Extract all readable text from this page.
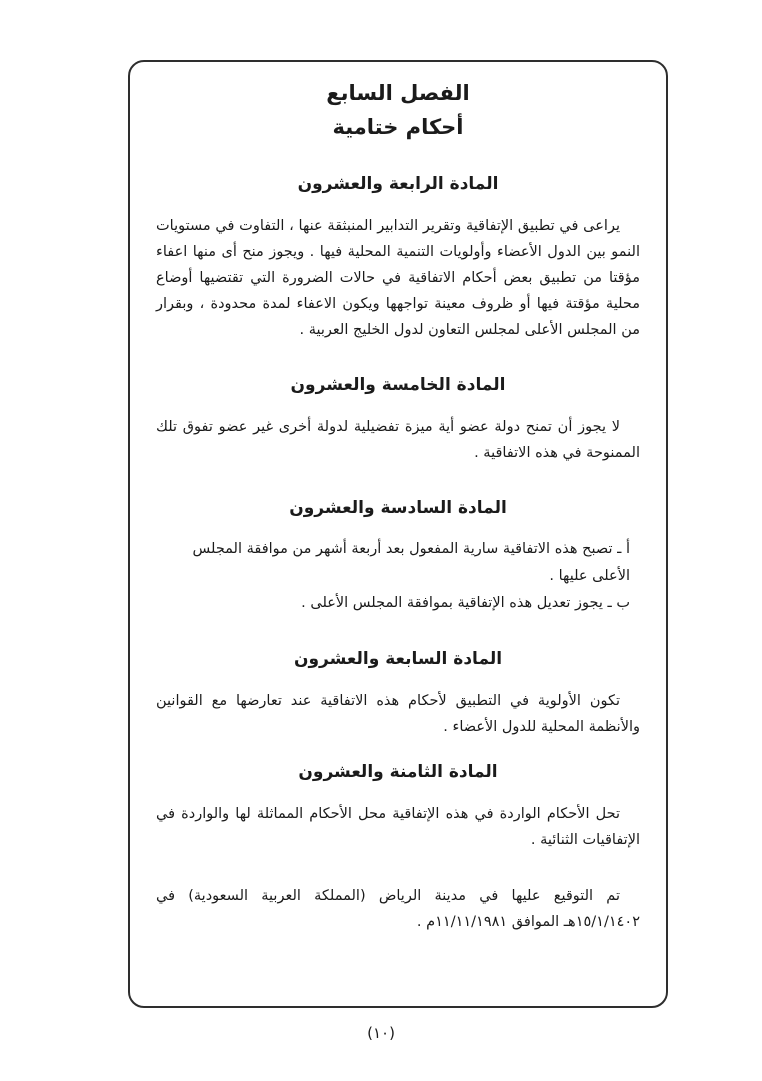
الفصل السابع
أحكام ختامية
المادة الرابعة والعشرون

يراعى في تطبيق الإتفاقية وتقرير التدابير المنبثقة عنها ، التفاوت في مستويات النمو بين الدول الأعضاء وأولويات التنمية المحلية فيها . ويجوز منح أى منها اعفاء مؤقتا من تطبيق بعض أحكام الاتفاقية في حالات الضرورة التي تقتضيها أوضاع محلية مؤقتة فيها أو ظروف معينة تواجهها ويكون الاعفاء لمدة محدودة ، وبقرار من المجلس الأعلى لمجلس التعاون لدول الخليج العربية .

المادة الخامسة والعشرون

لا يجوز أن تمنح دولة عضو أية ميزة تفضيلية لدولة أخرى غير عضو تفوق تلك الممنوحة في هذه الاتفاقية .

المادة السادسة والعشرون

أ ـ تصبح هذه الاتفاقية سارية المفعول بعد أربعة أشهر من موافقة المجلس الأعلى عليها .

ب ـ يجوز تعديل هذه الإتفاقية بموافقة المجلس الأعلى .

المادة السابعة والعشرون

تكون الأولوية في التطبيق لأحكام هذه الاتفاقية عند تعارضها مع القوانين والأنظمة المحلية للدول الأعضاء .

المادة الثامنة والعشرون

تحل الأحكام الواردة في هذه الإتفاقية محل الأحكام المماثلة لها والواردة في الإتفاقيات الثنائية .

تم التوقيع عليها في مدينة الرياض (المملكة العربية السعودية) في ١٥/١/١٤٠٢هـ الموافق ١١/١١/١٩٨١م .

(١٠)
